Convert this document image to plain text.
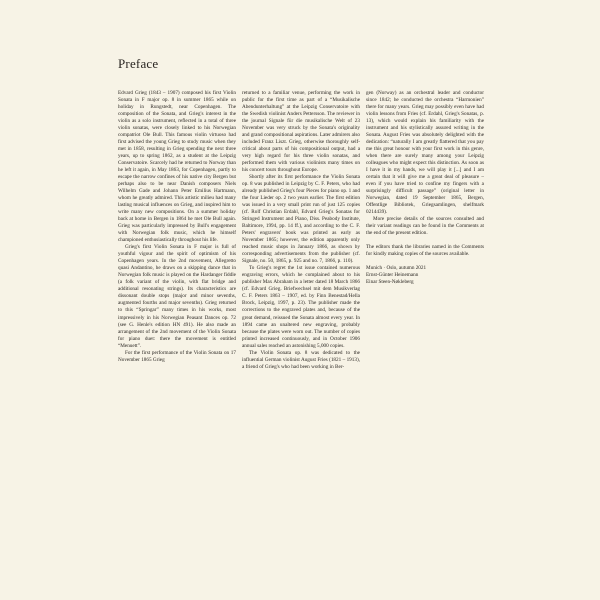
Preface

Edvard Grieg (1843 – 1907) composed his first Violin Sonata in F major op. 8 in summer 1865 while on holiday in Rungstedt, near Copenhagen. The composition of the Sonata, and Grieg's interest in the violin as a solo instrument, reflected in a total of three violin sonatas, were closely linked to his Norwegian compatriot Ole Bull. This famous violin virtuoso had first advised the young Grieg to study music when they met in 1858, resulting in Grieg spending the next three years, up to spring 1862, as a student at the Leipzig Conservatoire. Scarcely had he returned to Norway than he left it again, in May 1863, for Copenhagen, partly to escape the narrow confines of his native city Bergen but perhaps also to be near Danish composers Niels Wilhelm Gade and Johann Peter Emilius Hartmann, whom he greatly admired. This artistic milieu had many lasting musical influences on Grieg, and inspired him to write many new compositions. On a summer holiday back at home in Bergen in 1864 he met Ole Bull again. Grieg was particularly impressed by Bull's engagement with Norwegian folk music, which he himself championed enthusiastically throughout his life.

Grieg's first Violin Sonata in F major is full of youthful vigour and the spirit of optimism of his Copenhagen years. In the 2nd movement, Allegretto quasi Andantino, he draws on a skipping dance that in Norwegian folk music is played on the Hardanger fiddle (a folk variant of the violin, with flat bridge and additional resonating strings). Its characteristics are dissonant double stops (major and minor sevenths, augmented fourths and major sevenths). Grieg returned to this “Springar” many times in his works, most impressively in his Norwegian Peasant Dances op. 72 (see G. Henle's edition HN 491). He also made an arrangement of the 2nd movement of the Violin Sonata for piano duet: there the movement is entitled “Menuett”.

For the first performance of the Violin Sonata on 17 November 1865 Grieg

returned to a familiar venue, performing the work in public for the first time as part of a “Musikalische Abendunterhaltung” at the Leipzig Conservatoire with the Swedish violinist Anders Pettersson. The reviewer in the journal Signale für die musikalische Welt of 23 November was very struck by the Sonata's originality and grand compositional aspirations. Later admirers also included Franz Liszt. Grieg, otherwise thoroughly self-critical about parts of his compositional output, had a very high regard for his three violin sonatas, and performed them with various violinists many times on his concert tours throughout Europe.

Shortly after its first performance the Violin Sonata op. 8 was published in Leipzig by C. F. Peters, who had already published Grieg's four Pieces for piano op. 1 and the four Lieder op. 2 two years earlier. The first edition was issued in a very small print run of just 125 copies (cf. Rolf Christian Erdahl, Edvard Grieg's Sonatas for Stringed Instrument and Piano, Diss. Peabody Institute, Baltimore, 1994, pp. 14 ff.), and according to the C. F. Peters' engravers' book was printed as early as November 1865; however, the edition apparently only reached music shops in January 1866, as shown by corresponding advertisements from the publisher (cf. Signale, no. 50, 1865, p. 925 and no. 7, 1866, p. 110).

To Grieg's regret the 1st issue contained numerous engraving errors, which he complained about to his publisher Max Abraham in a letter dated 18 March 1866 (cf. Edvard Grieg. Briefwechsel mit dem Musikverlag C. F. Peters 1863 – 1907, ed. by Finn Benestad/Hella Brock, Leipzig, 1997, p. 23). The publisher made the corrections to the engraved plates and, because of the great demand, reissued the Sonata almost every year. In 1894 came an unaltered new engraving, probably because the plates were worn out. The number of copies printed increased continuously, and in October 1906 annual sales reached an astonishing 5,000 copies.

The Violin Sonata op. 8 was dedicated to the influential German violinist August Fries (1821 – 1913), a friend of Grieg's who had been working in Ber-

gen (Norway) as an orchestral leader and conductor since 1842; he conducted the orchestra “Harmonien” there for many years. Grieg may possibly even have had violin lessons from Fries (cf. Erdahl, Grieg's Sonatas, p. 13), which would explain his familiarity with the instrument and his stylistically assured writing in the Sonata. August Fries was absolutely delighted with the dedication: “naturally I am greatly flattered that you pay me this great honour with your first work in this genre, when there are surely many among your Leipzig colleagues who might expect this distinction. As soon as I have it in my hands, we will play it [...] and I am certain that it will give me a great deal of pleasure – even if you have tried to confine my fingers with a surprisingly difficult passage” (original letter in Norwegian, dated 19 September 1865, Bergen, Offentlige Bibliotek, Griegsamlingen, shelfmark 0214439).

More precise details of the sources consulted and their variant readings can be found in the Comments at the end of the present edition.

The editors thank the libraries named in the Comments for kindly making copies of the sources available.

Munich · Oslo, autumn 2021

Ernst-Günter Heinemann

Einar Steen-Nøkleberg
